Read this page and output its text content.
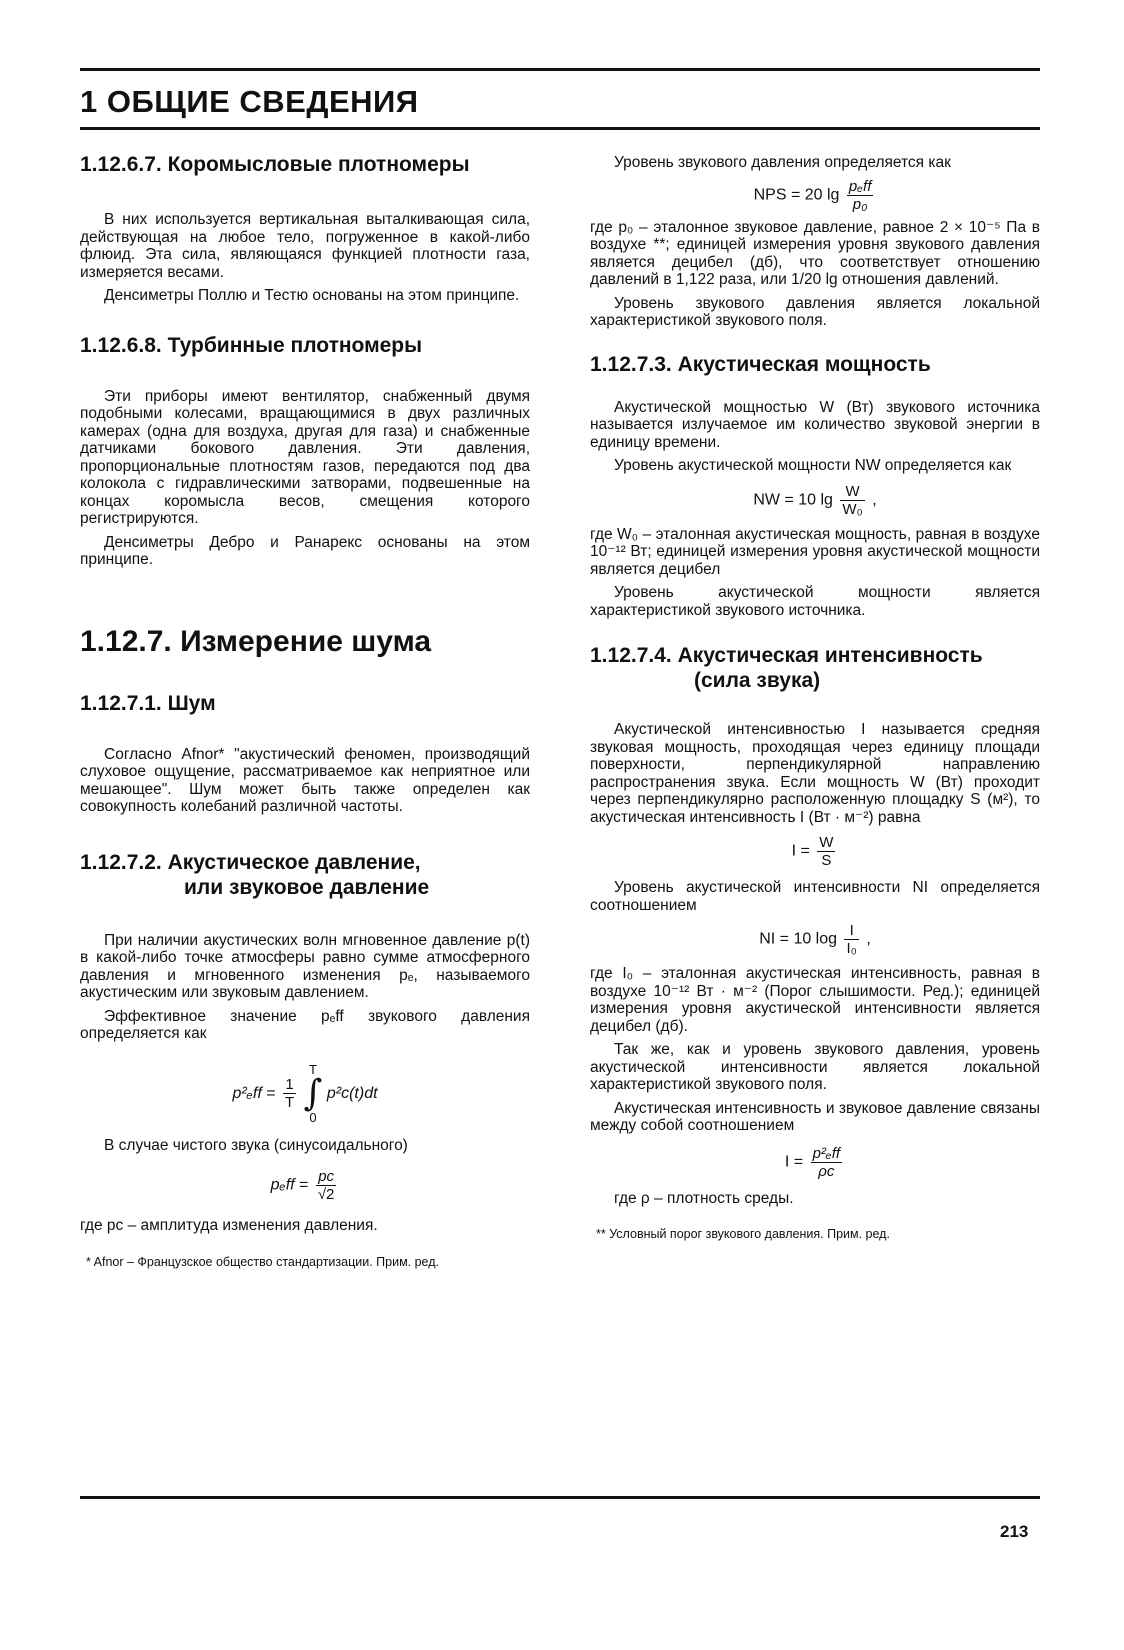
1 ОБЩИЕ СВЕДЕНИЯ
1.12.6.7. Коромысловые плотномеры

В них используется вертикальная выталкивающая сила, действующая на любое тело, погруженное в какой-либо флюид. Эта сила, являющаяся функцией плотности газа, измеряется весами.

Денсиметры Поллю и Тестю основаны на этом принципе.

1.12.6.8. Турбинные плотномеры

Эти приборы имеют вентилятор, снабженный двумя подобными колесами, вращающимися в двух различных камерах (одна для воздуха, другая для газа) и снабженные датчиками бокового давления. Эти давления, пропорциональные плотностям газов, передаются под два колокола с гидравлическими затворами, подвешенные на концах коромысла весов, смещения которого регистрируются.

Денсиметры Дебро и Ранарекс основаны на этом принципе.

1.12.7. Измерение шума
1.12.7.1. Шум

Согласно Afnor* "акустический феномен, производящий слуховое ощущение, рассматриваемое как неприятное или мешающее". Шум может быть также определен как совокупность колебаний различной частоты.

1.12.7.2. Акустическое давление,
или звуковое давление

При наличии акустических волн мгновенное давление p(t) в какой-либо точке атмосферы равно сумме атмосферного давления и мгновенного изменения pₑ, называемого акустическим или звуковым давлением.

Эффективное значение pₑff звукового давления определяется как

$p^2_eff = \frac{1}{T}$

T
∫
0
p²c(t)dt

В случае чистого звука (синусоидального)

$p_eff = \frac{pc}{√2}$

где pc – амплитуда изменения давления.

* Afnor – Французское общество стандартизации. Прим. ред.

Уровень звукового давления определяется как

NPS = 20 $\lg \frac{\text{pₑff}}{\text{p₀}}$

где p₀ – эталонное звуковое давление, равное 2 × 10⁻⁵ Па в воздухе **; единицей измерения уровня звукового давления является децибел (дб), что соответствует отношению давлений в 1,122 раза, или 1/20 lg отношения давлений.

Уровень звукового давления является локальной характеристикой звукового поля.

1.12.7.3. Акустическая мощность

Акустической мощностью W (Вт) звукового источника называется излучаемое им количество звуковой энергии в единицу времени.

Уровень акустической мощности NW определяется как

NW = 10 $\lg \frac{W}{\text{W₀}}$ ,

где W₀ – эталонная акустическая мощность, равная в воздухе 10⁻¹² Вт; единицей измерения уровня акустической мощности является децибел

Уровень акустической мощности является характеристикой звукового источника.

1.12.7.4. Акустическая интенсивность
(сила звука)

Акустической интенсивностью I называется средняя звуковая мощность, проходящая через единицу площади поверхности, перпендикулярной направлению распространения звука. Если мощность W (Вт) проходит через перпендикулярно расположенную площадку S (м²), то акустическая интенсивность I (Вт · м⁻²) равна

$I = \frac{W}{S}$

Уровень акустической интенсивности NI определяется соотношением

NI = 10 $\log \frac{I}{\text{I₀}}$ ,

где I₀ – эталонная акустическая интенсивность, равная в воздухе 10⁻¹² Вт · м⁻² (Порог слышимости. Ред.); единицей измерения уровня акустической интенсивности является децибел (дб).

Так же, как и уровень звукового давления, уровень акустической интенсивности является локальной характеристикой звукового поля.

Акустическая интенсивность и звуковое давление связаны между собой соотношением

$I = \frac{\text{p²ₑff}}{\rho c}$

где ρ – плотность среды.

** Условный порог звукового давления. Прим. ред.

213
